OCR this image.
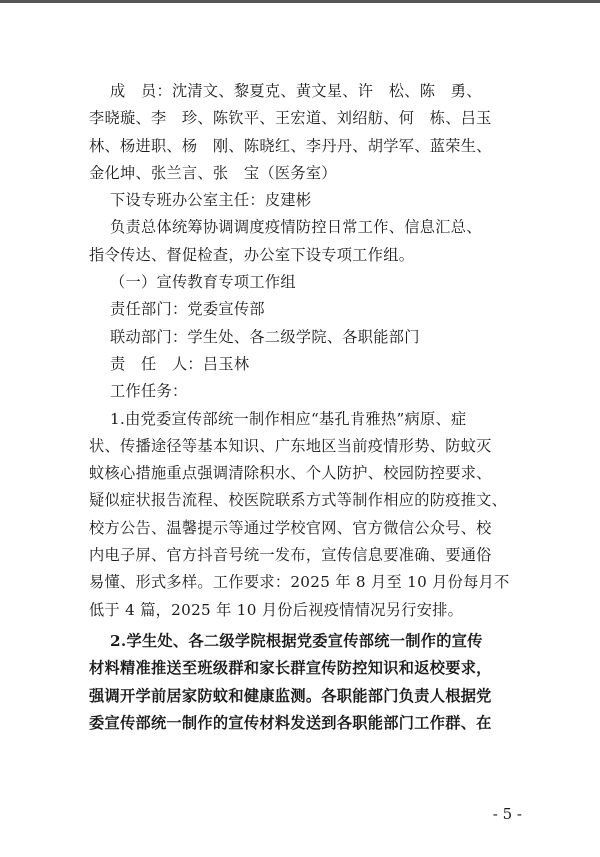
成　员：沈清文、黎夏克、黄文星、许　松、陈　勇、
李晓璇、李　珍、陈钦平、王宏道、刘绍舫、何　栋、吕玉
林、杨进职、杨　刚、陈晓红、李丹丹、胡学军、蓝荣生、
金化坤、张兰言、张　宝（医务室）
下设专班办公室主任：皮建彬
负责总体统筹协调调度疫情防控日常工作、信息汇总、
指令传达、督促检查，办公室下设专项工作组。
（一）宣传教育专项工作组
责任部门：党委宣传部
联动部门：学生处、各二级学院、各职能部门
责　任　人：吕玉林
工作任务：
1.由党委宣传部统一制作相应“基孔肯雅热”病原、症
状、传播途径等基本知识、广东地区当前疫情形势、防蚊灭
蚊核心措施重点强调清除积水、个人防护、校园防控要求、
疑似症状报告流程、校医院联系方式等制作相应的防疫推文、
校方公告、温馨提示等通过学校官网、官方微信公众号、校
内电子屏、官方抖音号统一发布，宣传信息要准确、要通俗
易懂、形式多样。工作要求：2025 年 8 月至 10 月份每月不
低于 4 篇，2025 年 10 月份后视疫情情况另行安排。
2.学生处、各二级学院根据党委宣传部统一制作的宣传
材料精准推送至班级群和家长群宣传防控知识和返校要求，
强调开学前居家防蚊和健康监测。各职能部门负责人根据党
委宣传部统一制作的宣传材料发送到各职能部门工作群、在
- 5 -
